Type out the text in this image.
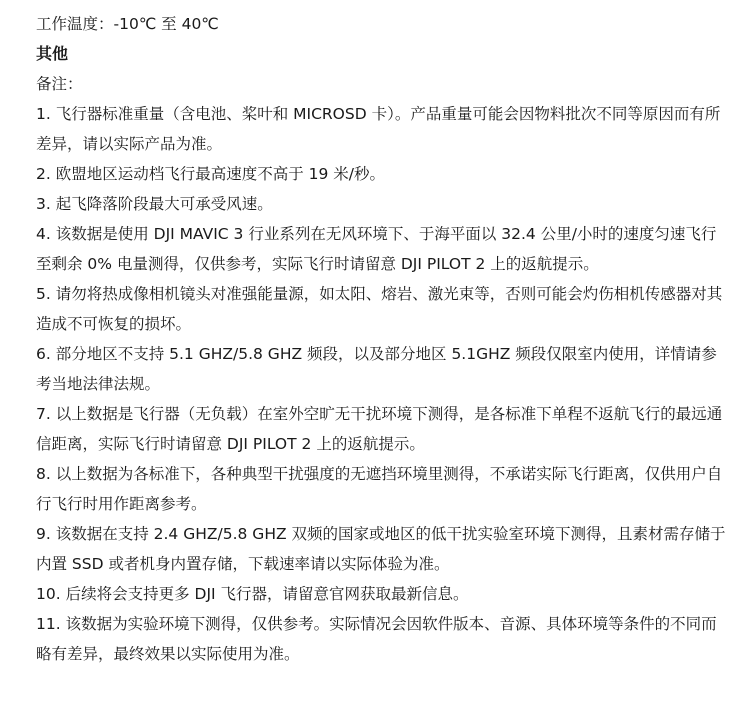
工作温度：-10℃ 至 40℃
其他
备注：
1. 飞行器标准重量（含电池、桨叶和 MICROSD 卡）。产品重量可能会因物料批次不同等原因而有所差异，请以实际产品为准。
2. 欧盟地区运动档飞行最高速度不高于 19 米/秒。
3. 起飞降落阶段最大可承受风速。
4. 该数据是使用 DJI MAVIC 3 行业系列在无风环境下、于海平面以 32.4 公里/小时的速度匀速飞行至剩余 0% 电量测得，仅供参考，实际飞行时请留意 DJI PILOT 2 上的返航提示。
5. 请勿将热成像相机镜头对准强能量源，如太阳、熔岩、激光束等，否则可能会灼伤相机传感器对其造成不可恢复的损坏。
6. 部分地区不支持 5.1 GHZ/5.8 GHZ 频段，以及部分地区 5.1GHZ 频段仅限室内使用，详情请参考当地法律法规。
7. 以上数据是飞行器（无负载）在室外空旷无干扰环境下测得，是各标准下单程不返航飞行的最远通信距离，实际飞行时请留意 DJI PILOT 2 上的返航提示。
8. 以上数据为各标准下，各种典型干扰强度的无遮挡环境里测得，不承诺实际飞行距离，仅供用户自行飞行时用作距离参考。
9. 该数据在支持 2.4 GHZ/5.8 GHZ 双频的国家或地区的低干扰实验室环境下测得，且素材需存储于内置 SSD 或者机身内置存储，下载速率请以实际体验为准。
10. 后续将会支持更多 DJI 飞行器，请留意官网获取最新信息。
11. 该数据为实验环境下测得，仅供参考。实际情况会因软件版本、音源、具体环境等条件的不同而略有差异，最终效果以实际使用为准。
